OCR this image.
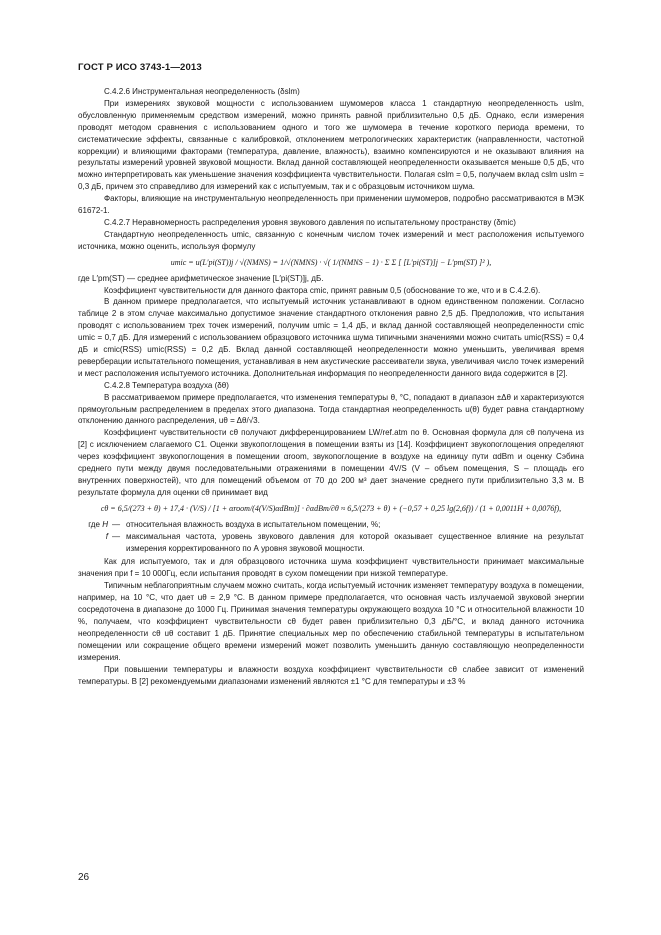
ГОСТ Р ИСО 3743-1—2013

С.4.2.6 Инструментальная неопределенность (δslm)

При измерениях звуковой мощности с использованием шумомеров класса 1 стандартную неопределенность uslm, обусловленную применяемым средством измерений, можно принять равной приблизительно 0,5 дБ. Однако, если измерения проводят методом сравнения с использованием одного и того же шумомера в течение короткого периода времени, то систематические эффекты, связанные с калибровкой, отклонением метрологических характеристик (направленности, частотной коррекции) и влияющими факторами (температура, давление, влажность), взаимно компенсируются и не оказывают влияния на результаты измерений уровней звуковой мощности. Вклад данной составляющей неопределенности оказывается меньше 0,5 дБ, что можно интерпретировать как уменьшение значения коэффициента чувствительности. Полагая cslm = 0,5, получаем вклад cslm uslm = 0,3 дБ, причем это справедливо для измерений как с испытуемым, так и с образцовым источником шума.

Факторы, влияющие на инструментальную неопределенность при применении шумомеров, подробно рассматриваются в МЭК 61672-1.

С.4.2.7 Неравномерность распределения уровня звукового давления по испытательному пространству (δmic)

Стандартную неопределенность umic, связанную с конечным числом точек измерений и мест расположения испытуемого источника, можно оценить, используя формулу

umic = u(L′pi(ST))j / √(NMNS) = 1/√(NMNS) · √( 1/(NMNS − 1) · Σ Σ [ [L′pi(ST)]j − L′pm(ST) ]² ),

где L′pm(ST) — среднее арифметическое значение [L′pi(ST)]j, дБ.

Коэффициент чувствительности для данного фактора cmic, принят равным 0,5 (обоснование то же, что и в С.4.2.6).

В данном примере предполагается, что испытуемый источник устанавливают в одном единственном положении. Согласно таблице 2 в этом случае максимально допустимое значение стандартного отклонения равно 2,5 дБ. Предположив, что испытания проводят с использованием трех точек измерений, получим umic = 1,4 дБ, и вклад данной составляющей неопределенности cmic umic = 0,7 дБ. Для измерений с использованием образцового источника шума типичными значениями можно считать umic(RSS) = 0,4 дБ и cmic(RSS) umic(RSS) = 0,2 дБ. Вклад данной составляющей неопределенности можно уменьшить, увеличивая время реверберации испытательного помещения, устанавливая в нем акустические рассеиватели звука, увеличивая число точек измерений и мест расположения испытуемого источника. Дополнительная информация по неопределенности данного вида содержится в [2].

С.4.2.8 Температура воздуха (δθ)

В рассматриваемом примере предполагается, что изменения температуры θ, °С, попадают в диапазон ±Δθ и характеризуются прямоугольным распределением в пределах этого диапазона. Тогда стандартная неопределенность u(θ) будет равна стандартному отклонению данного распределения, uθ = Δθ/√3.

Коэффициент чувствительности cθ получают дифференцированием LW/ref.atm по θ. Основная формула для cθ получена из [2] с исключением слагаемого C1. Оценки звукопоглощения в помещении взяты из [14]. Коэффициент звукопоглощения определяют через коэффициент звукопоглощения в помещении αroom, звукопоглощение в воздухе на единицу пути αdBm и оценку Сэбина среднего пути между двумя последовательными отражениями в помещении 4V/S (V – объем помещения, S – площадь его внутренних поверхностей), что для помещений объемом от 70 до 200 м³ дает значение среднего пути приблизительно 3,3 м. В результате формула для оценки cθ принимает вид

cθ = 6,5/(273 + θ) + 17,4 · (V/S) / [1 + αroom/(4(V/S)αdBm)] · ∂αdBm/∂θ ≈ 6,5/(273 + θ) + (−0,57 + 0,25 lg(2,6f)) / (1 + 0,0011H + 0,0076f),
где H — относительная влажность воздуха в испытательном помещении, %;
f — максимальная частота, уровень звукового давления для которой оказывает существенное влияние на результат измерения корректированного по А уровня звуковой мощности.

Как для испытуемого, так и для образцового источника шума коэффициент чувствительности принимает максимальные значения при f = 10 000Гц, если испытания проводят в сухом помещении при низкой температуре.

Типичным неблагоприятным случаем можно считать, когда испытуемый источник изменяет температуру воздуха в помещении, например, на 10 °С, что дает uθ = 2,9 °С. В данном примере предполагается, что основная часть излучаемой звуковой энергии сосредоточена в диапазоне до 1000 Гц. Принимая значения температуры окружающего воздуха 10 °С и относительной влажности 10 %, получаем, что коэффициент чувствительности cθ будет равен приблизительно 0,3 дБ/°С, и вклад данного источника неопределенности cθ uθ составит 1 дБ. Принятие специальных мер по обеспечению стабильной температуры в испытательном помещении или сокращение общего времени измерений может позволить уменьшить данную составляющую неопределенности измерения.

При повышении температуры и влажности воздуха коэффициент чувствительности cθ слабее зависит от изменений температуры. В [2] рекомендуемыми диапазонами изменений являются ±1 °С для температуры и ±3 %

26
